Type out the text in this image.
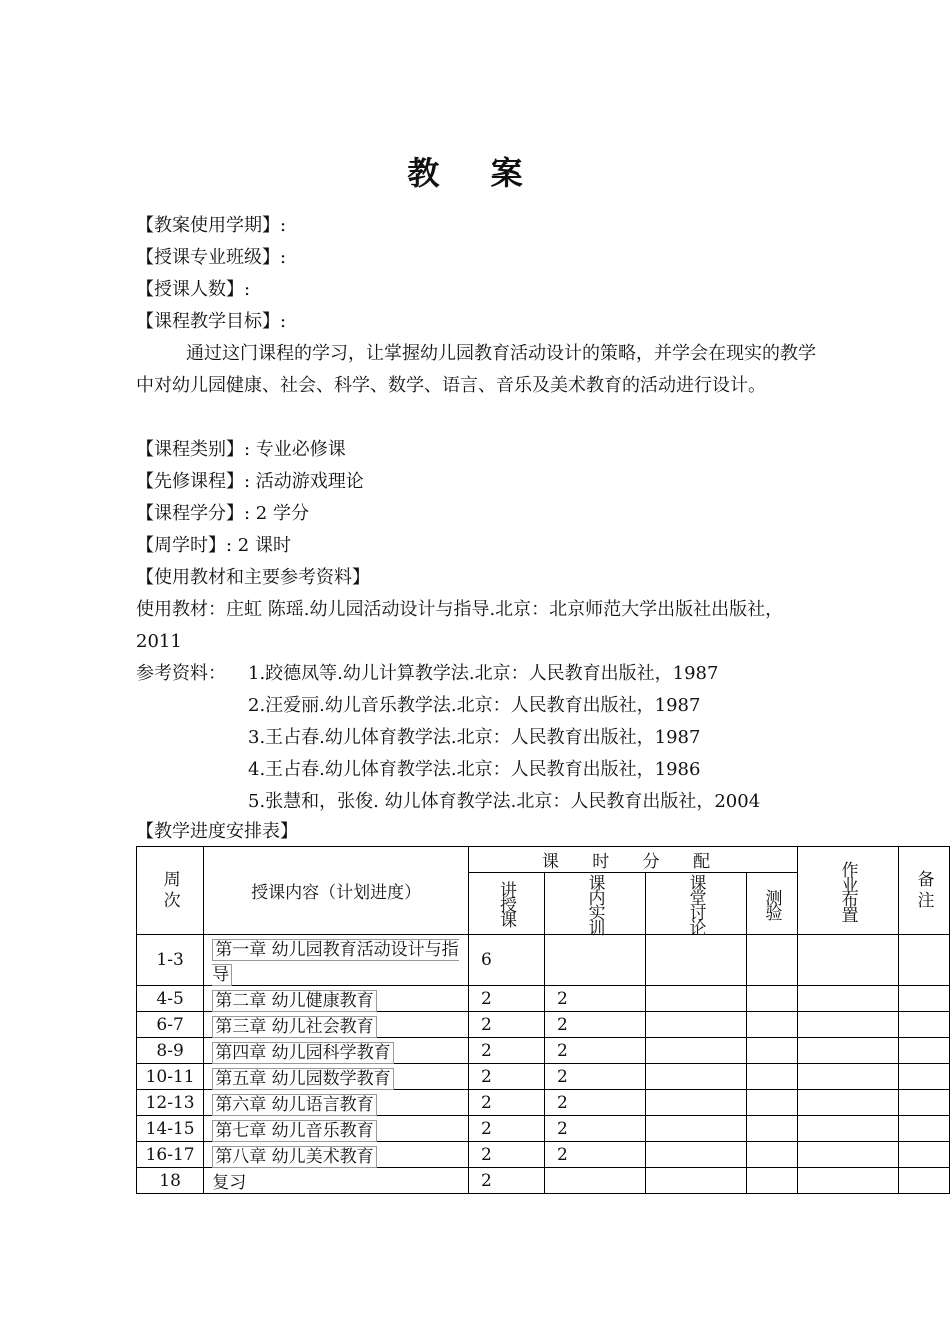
教 案
【教案使用学期】:
【授课专业班级】:
【授课人数】:
【课程教学目标】:
通过这门课程的学习，让掌握幼儿园教育活动设计的策略，并学会在现实的教学中对幼儿园健康、社会、科学、数学、语言、音乐及美术教育的活动进行设计。
【课程类别】: 专业必修课
【先修课程】: 活动游戏理论
【课程学分】: 2 学分
【周学时】: 2 课时
【使用教材和主要参考资料】
使用教材：庄虹 陈瑶.幼儿园活动设计与指导.北京：北京师范大学出版社出版社，
2011
参考资料： 1.跤德凤等.幼儿计算教学法.北京：人民教育出版社，1987
2.汪爱丽.幼儿音乐教学法.北京：人民教育出版社，1987
3.王占春.幼儿体育教学法.北京：人民教育出版社，1987
4.王占春.幼儿体育教学法.北京：人民教育出版社，1986
5.张慧和，张俊. 幼儿体育教学法.北京：人民教育出版社，2004
【教学进度安排表】
周次	授课内容（计划进度）	课 时 分 配				作业布置	备注

		讲授课	课内实训	课堂讨论	测验		

1-3	第一章 幼儿园教育活动设计与指导	6					
4-5	第二章 幼儿健康教育	2	2				
6-7	第三章 幼儿社会教育	2	2				
8-9	第四章 幼儿园科学教育	2	2				
10-11	第五章 幼儿园数学教育	2	2				
12-13	第六章 幼儿语言教育	2	2				
14-15	第七章 幼儿音乐教育	2	2				
16-17	第八章 幼儿美术教育	2	2				
18	复习	2					
